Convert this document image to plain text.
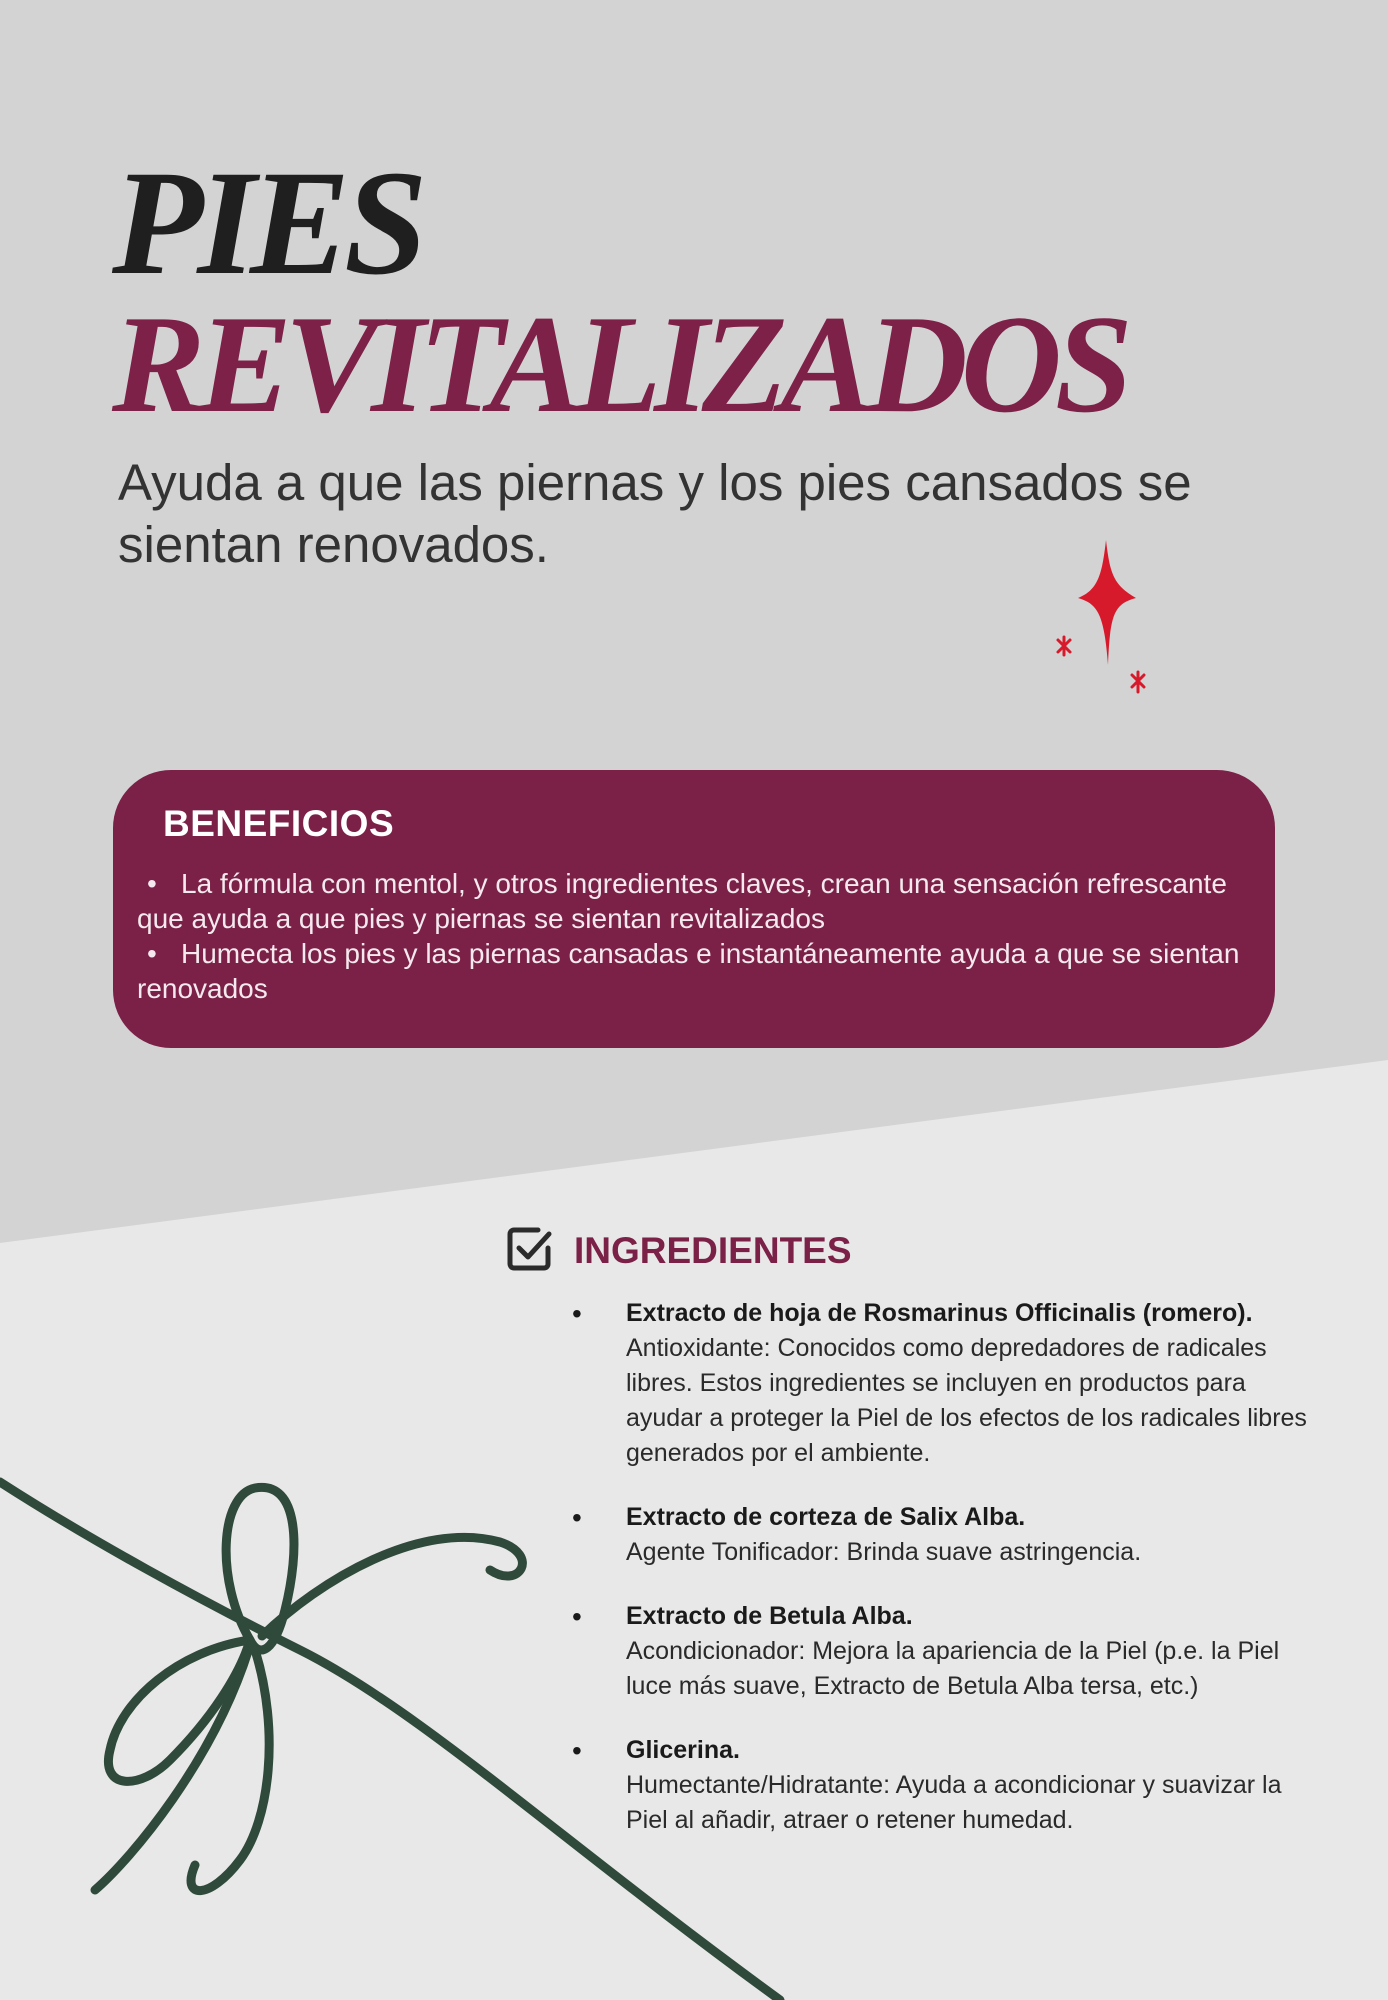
PIES
REVITALIZADOS
Ayuda a que las piernas y los pies cansados se sientan renovados.
BENEFICIOS
• La fórmula con mentol, y otros ingredientes claves, crean una sensación refrescante que ayuda a que pies y piernas se sientan revitalizados
• Humecta los pies y las piernas cansadas e instantáneamente ayuda a que se sientan renovados
INGREDIENTES
• Extracto de hoja de Rosmarinus Officinalis (romero).
Antioxidante: Conocidos como depredadores de radicales libres. Estos ingredientes se incluyen en productos para ayudar a proteger la Piel de los efectos de los radicales libres generados por el ambiente.
• Extracto de corteza de Salix Alba.
Agente Tonificador: Brinda suave astringencia.
• Extracto de Betula Alba.
Acondicionador: Mejora la apariencia de la Piel (p.e. la Piel luce más suave, Extracto de Betula Alba tersa, etc.)
• Glicerina.
Humectante/Hidratante: Ayuda a acondicionar y suavizar la Piel al añadir, atraer o retener humedad.
